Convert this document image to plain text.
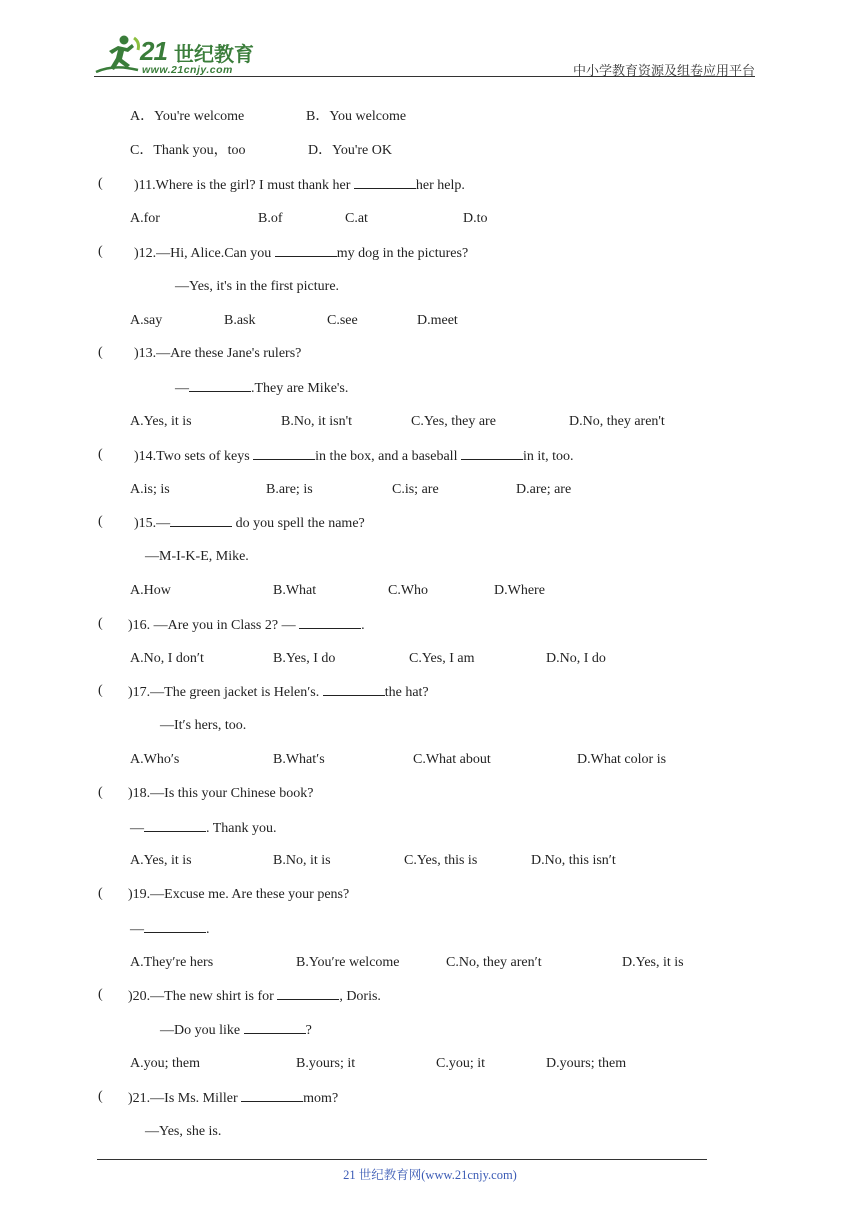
21 世纪教育
www.21cnjy.com	中小学教育资源及组卷应用平台
A．You're welcome	B．You welcome
C．Thank you，too	D．You're OK
( )11.Where is the girl? I must thank her	her help.
A.for	B.of	C.at	D.to
( )12.—Hi, Alice.Can you	my dog in the pictures?
—Yes, it's in the first picture.
A.say	B.ask	C.see	D.meet
( )13.—Are these Jane's rulers?
—	.They are Mike's.
A.Yes, it is	B.No, it isn't	C.Yes, they are	D.No, they aren't
( )14.Two sets of keys	in the box, and a baseball	in it, too.
A.is; is	B.are; is	C.is; are	D.are; are
( )15.—	do you spell the name?
—M-I-K-E, Mike.
A.How	B.What	C.Who	D.Where
( )16. —Are you in Class 2? —	.
A.No, I don′t	B.Yes, I do	C.Yes, I am	D.No, I do
( )17.—The green jacket is Helen′s.	the hat?
—It′s hers, too.
A.Who′s	B.What′s	C.What about	D.What color is
( )18.—Is this your Chinese book?
—	. Thank you.
A.Yes, it is	B.No, it is	C.Yes, this is	D.No, this isn′t
( )19.—Excuse me. Are these your pens?
—	.
A.They′re hers	B.You′re welcome	C.No, they aren′t	D.Yes, it is
( )20.—The new shirt is for	, Doris.
—Do you like	?
A.you; them	B.yours; it	C.you; it	D.yours; them
( )21.—Is Ms. Miller	mom?
—Yes, she is.
21 世纪教育网(www.21cnjy.com)
